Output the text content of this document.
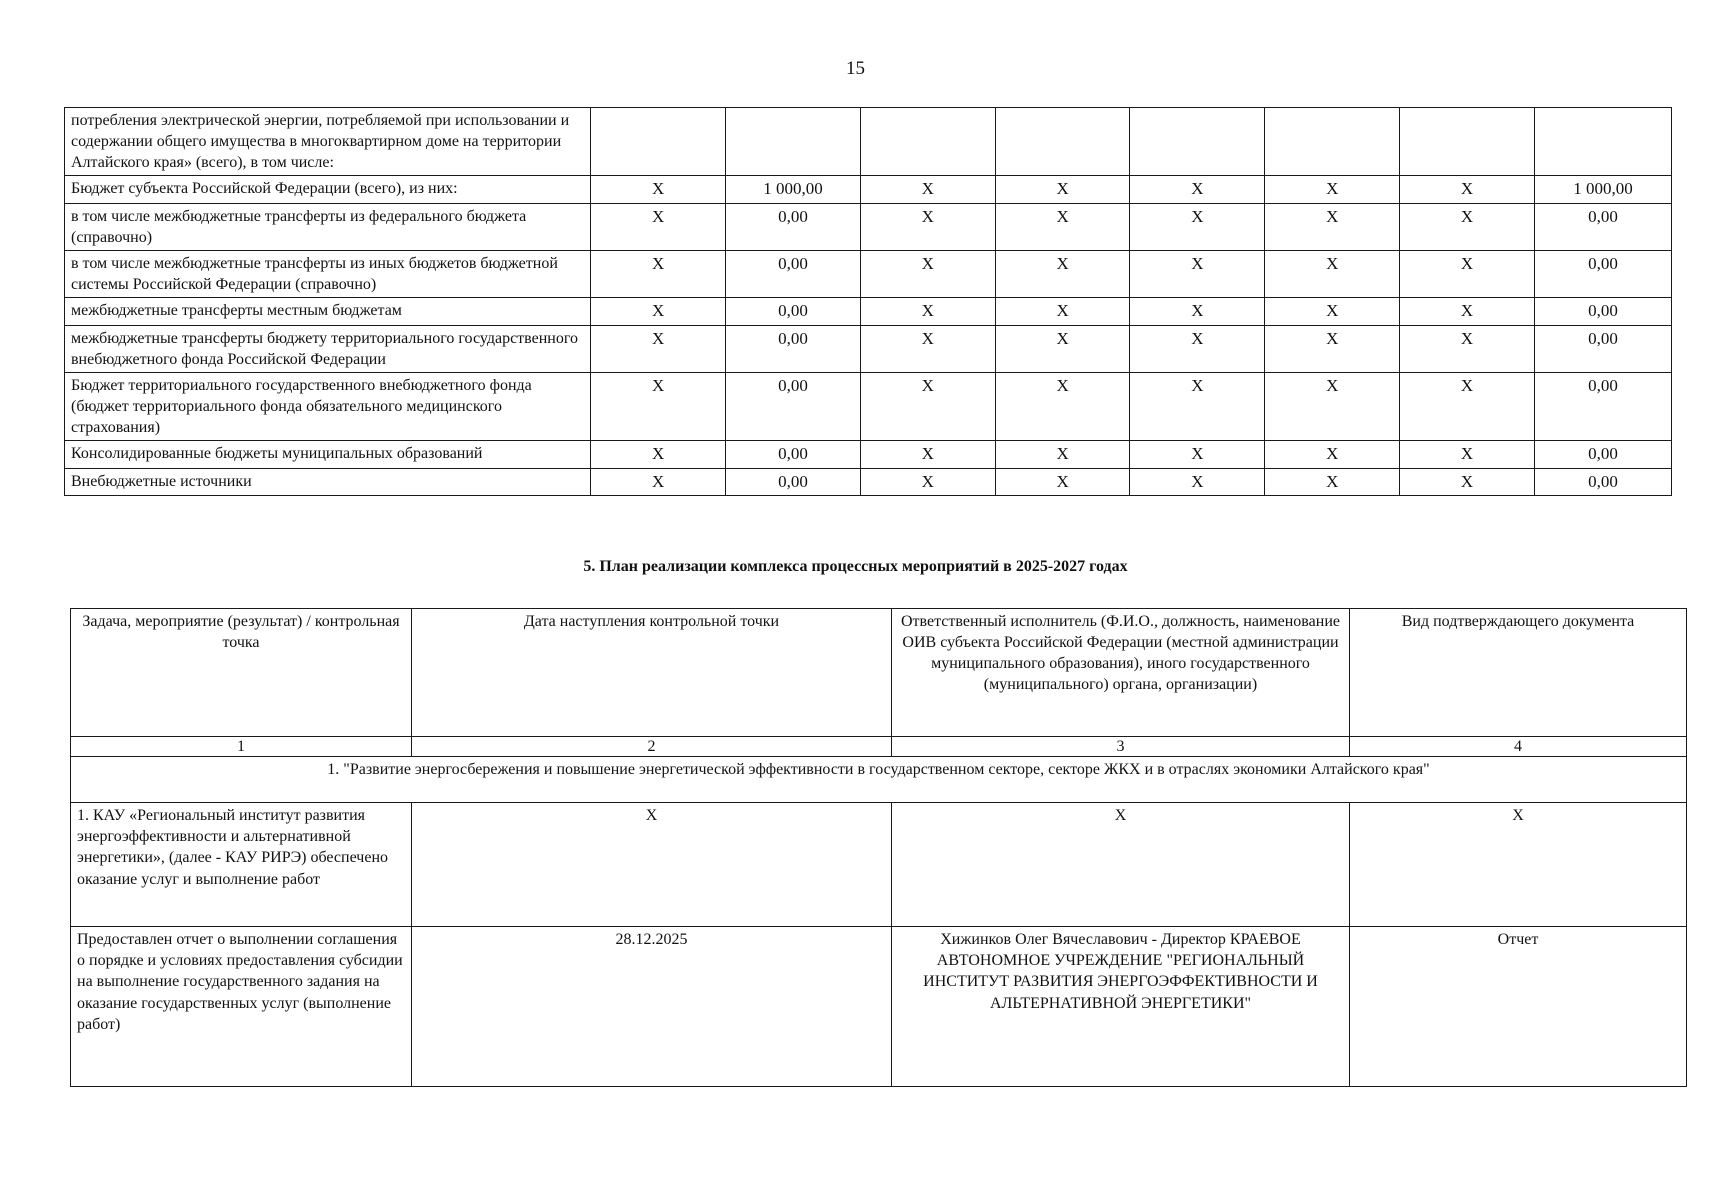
15
потребления электрической энергии, потребляемой при использовании и содержании общего имущества в многоквартирном доме на территории Алтайского края» (всего), в том числе:								
Бюджет субъекта Российской Федерации (всего), из них:	X	1 000,00	X	X	X	X	X	1 000,00
в том числе межбюджетные трансферты из федерального бюджета (справочно)	X	0,00	X	X	X	X	X	0,00
в том числе межбюджетные трансферты из иных бюджетов бюджетной системы Российской Федерации (справочно)	X	0,00	X	X	X	X	X	0,00
межбюджетные трансферты местным бюджетам	X	0,00	X	X	X	X	X	0,00
межбюджетные трансферты бюджету территориального государственного внебюджетного фонда Российской Федерации	X	0,00	X	X	X	X	X	0,00
Бюджет территориального государственного внебюджетного фонда (бюджет территориального фонда обязательного медицинского страхования)	X	0,00	X	X	X	X	X	0,00
Консолидированные бюджеты муниципальных образований	X	0,00	X	X	X	X	X	0,00
Внебюджетные источники	X	0,00	X	X	X	X	X	0,00
5. План реализации комплекса процессных мероприятий в 2025-2027 годах
Задача, мероприятие (результат) / контрольная точка	Дата наступления контрольной точки	Ответственный исполнитель (Ф.И.О., должность, наименование ОИВ субъекта Российской Федерации (местной администрации муниципального образования), иного государственного (муниципального) органа, организации)	Вид подтверждающего документа
1	2	3	4
1. "Развитие энергосбережения и повышение энергетической эффективности в государственном секторе, секторе ЖКХ и в отраслях экономики Алтайского края"			
1. КАУ «Региональный институт развития энергоэффективности и альтернативной энергетики», (далее - КАУ РИРЭ) обеспечено оказание услуг и выполнение работ	X	X	X
Предоставлен отчет о выполнении соглашения о порядке и условиях предоставления субсидии на выполнение государственного задания на оказание государственных услуг (выполнение работ)	28.12.2025	Хижинков Олег Вячеславович - Директор КРАЕВОЕ АВТОНОМНОЕ УЧРЕЖДЕНИЕ "РЕГИОНАЛЬНЫЙ ИНСТИТУТ РАЗВИТИЯ ЭНЕРГОЭФФЕКТИВНОСТИ И АЛЬТЕРНАТИВНОЙ ЭНЕРГЕТИКИ"	Отчет
